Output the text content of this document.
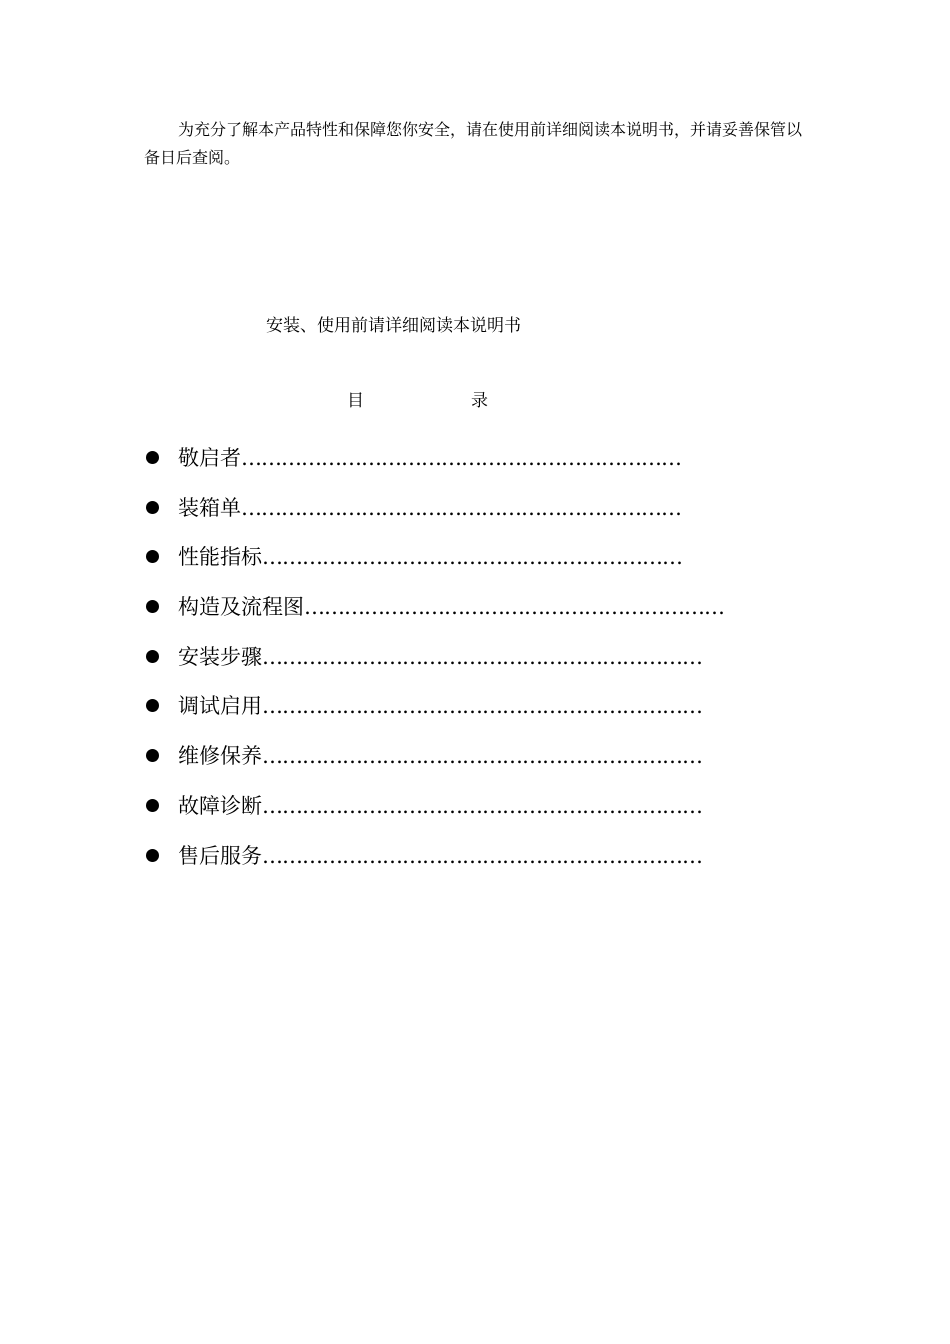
为充分了解本产品特性和保障您你安全，请在使用前详细阅读本说明书，并请妥善保管以备日后查阅。

安装、使用前请详细阅读本说明书

目	录
敬启者…………………………………………………………
装箱单…………………………………………………………
性能指标………………………………………………………
构造及流程图………………………………………………………
安装步骤…………………………………………………………
调试启用…………………………………………………………
维修保养…………………………………………………………
故障诊断…………………………………………………………
售后服务…………………………………………………………
